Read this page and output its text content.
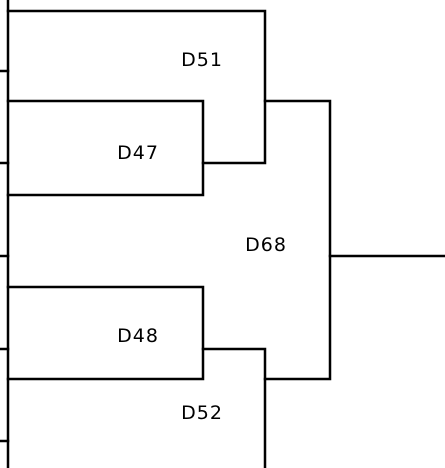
D51
D47
D68
D48
D52
